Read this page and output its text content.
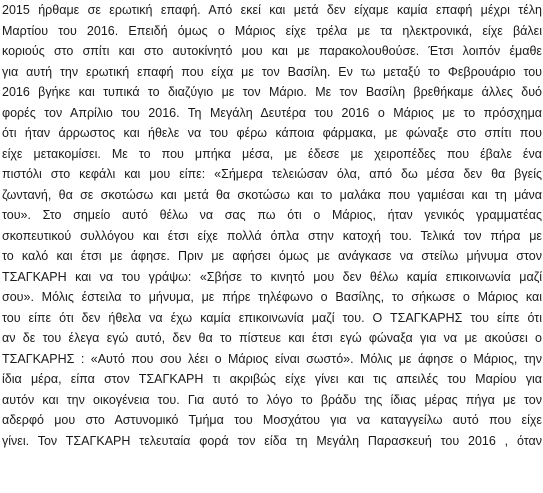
2015 ήρθαμε σε ερωτική επαφή. Από εκεί και μετά δεν είχαμε καμία επαφή μέχρι τέλη
Μαρτίου του 2016. Επειδή όμως ο Μάριος είχε τρέλα με τα ηλεκτρονικά, είχε βάλει
κοριούς στο σπίτι και στο αυτοκίνητό μου και με παρακολουθούσε. Έτσι λοιπόν έμαθε
για αυτή την ερωτική επαφή που είχα με τον Βασίλη. Εν τω μεταξύ το Φεβρουάριο του
2016 βγήκε και τυπικά το διαζύγιο με τον Μάριο. Με τον Βασίλη βρεθήκαμε άλλες δυό
φορές τον Απρίλιο του 2016. Τη Μεγάλη Δευτέρα του 2016 ο Μάριος με το πρόσχημα
ότι ήταν άρρωστος και ήθελε να του φέρω κάποια φάρμακα, με φώναξε στο σπίτι που
είχε μετακομίσει. Με το που μπήκα μέσα, με έδεσε με χειροπέδες που έβαλε ένα
πιστόλι στο κεφάλι και μου είπε: «Σήμερα τελειώσαν όλα, από δω μέσα δεν θα βγείς
ζωντανή, θα σε σκοτώσω και μετά θα σκοτώσω και το μαλάκα που γαμιέσαι και τη μάνα
του». Στο σημείο αυτό θέλω να σας πω ότι ο Μάριος, ήταν γενικός γραμματέας
σκοπευτικού συλλόγου και έτσι είχε πολλά όπλα στην κατοχή του. Τελικά τον πήρα με
το καλό και έτσι με άφησε. Πριν με αφήσει όμως με ανάγκασε να στείλω μήνυμα στον
ΤΣΑΓΚΑΡΗ και να του γράψω: «Σβήσε το κινητό μου δεν θέλω καμία επικοινωνία μαζί
σου». Μόλις έστειλα το μήνυμα, με πήρε τηλέφωνο ο Βασίλης, το σήκωσε ο Μάριος και
του είπε ότι δεν ήθελα να έχω καμία επικοινωνία μαζί του. Ο ΤΣΑΓΚΑΡΗΣ του είπε ότι
αν δε του έλεγα εγώ αυτό, δεν θα το πίστευε και έτσι εγώ φώναξα για να με ακούσει ο
ΤΣΑΓΚΑΡΗΣ : «Αυτό που σου λέει ο Μάριος είναι σωστό». Μόλις με άφησε ο Μάριος, την
ίδια μέρα, είπα στον ΤΣΑΓΚΑΡΗ τι ακριβώς είχε γίνει και τις απειλές του Μαρίου για
αυτόν και την οικογένεια του. Για αυτό το λόγο το βράδυ της ίδιας μέρας πήγα με τον
αδερφό μου στο Αστυνομικό Τμήμα του Μοσχάτου για να καταγγείλω αυτό που είχε
γίνει. Τον ΤΣΑΓΚΑΡΗ τελευταία φορά τον είδα τη Μεγάλη Παρασκευή του 2016 , όταν
